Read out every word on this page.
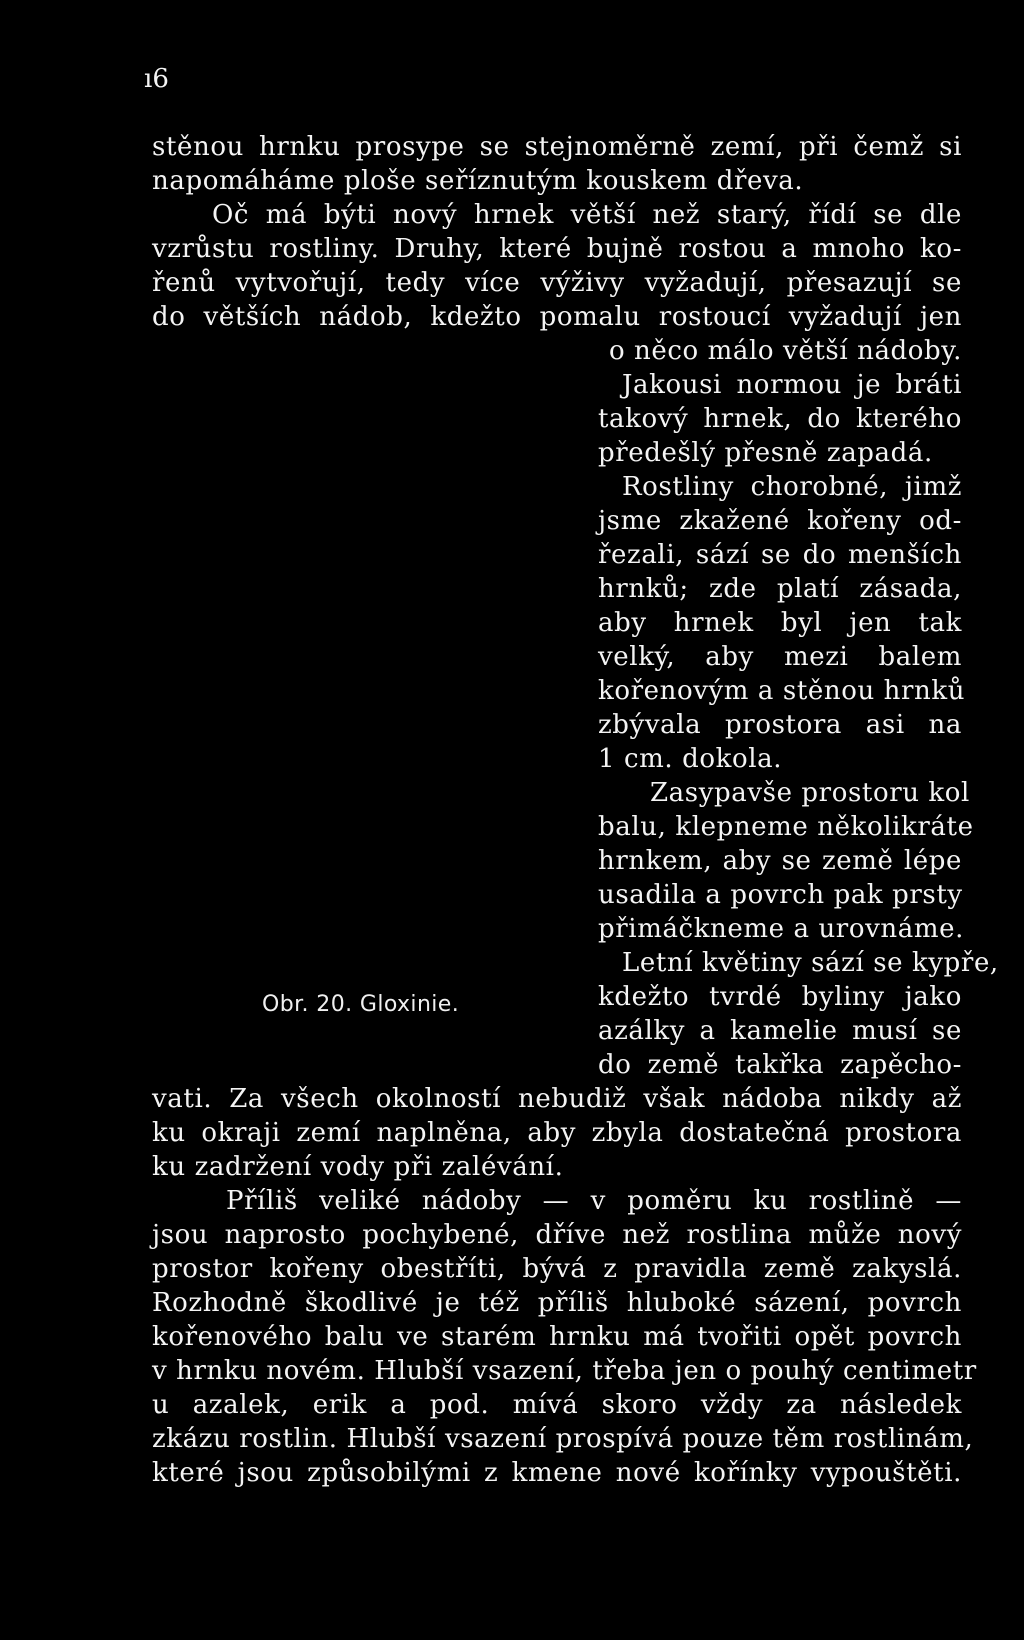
ı6
Obr. 20. Gloxinie.
stěnou hrnku prosype se stejnoměrně zemí, při čemž si
napomáháme ploše seříznutým kouskem dřeva.
Oč má býti nový hrnek větší než starý, řídí se dle
vzrůstu rostliny. Druhy, které bujně rostou a mnoho ko-
řenů vytvořují, tedy více výživy vyžadují, přesazují se
do větších nádob, kdežto pomalu rostoucí vyžadují jen
o něco málo větší nádoby.
Jakousi normou je bráti
takový hrnek, do kterého
předešlý přesně zapadá.
Rostliny chorobné, jimž
jsme zkažené kořeny od-
řezali, sází se do menších
hrnků; zde platí zásada,
aby hrnek byl jen tak
velký, aby mezi balem
kořenovým a stěnou hrnků
zbývala prostora asi na
1 cm. dokola.
Zasypavše prostoru kol
balu, klepneme několikráte
hrnkem, aby se země lépe
usadila a povrch pak prsty
přimáčkneme a urovnáme.
Letní květiny sází se kypře,
kdežto tvrdé byliny jako
azálky a kamelie musí se
do země takřka zapěcho-
vati. Za všech okolností nebudiž však nádoba nikdy až
ku okraji zemí naplněna, aby zbyla dostatečná prostora
ku zadržení vody při zalévání.
Příliš veliké nádoby — v poměru ku rostlině —
jsou naprosto pochybené, dříve než rostlina může nový
prostor kořeny obestříti, bývá z pravidla země zakyslá.
Rozhodně škodlivé je též příliš hluboké sázení, povrch
kořenového balu ve starém hrnku má tvořiti opět povrch
v hrnku novém. Hlubší vsazení, třeba jen o pouhý centimetr
u azalek, erik a pod. mívá skoro vždy za následek
zkázu rostlin. Hlubší vsazení prospívá pouze těm rostlinám,
které jsou způsobilými z kmene nové kořínky vypouštěti.
